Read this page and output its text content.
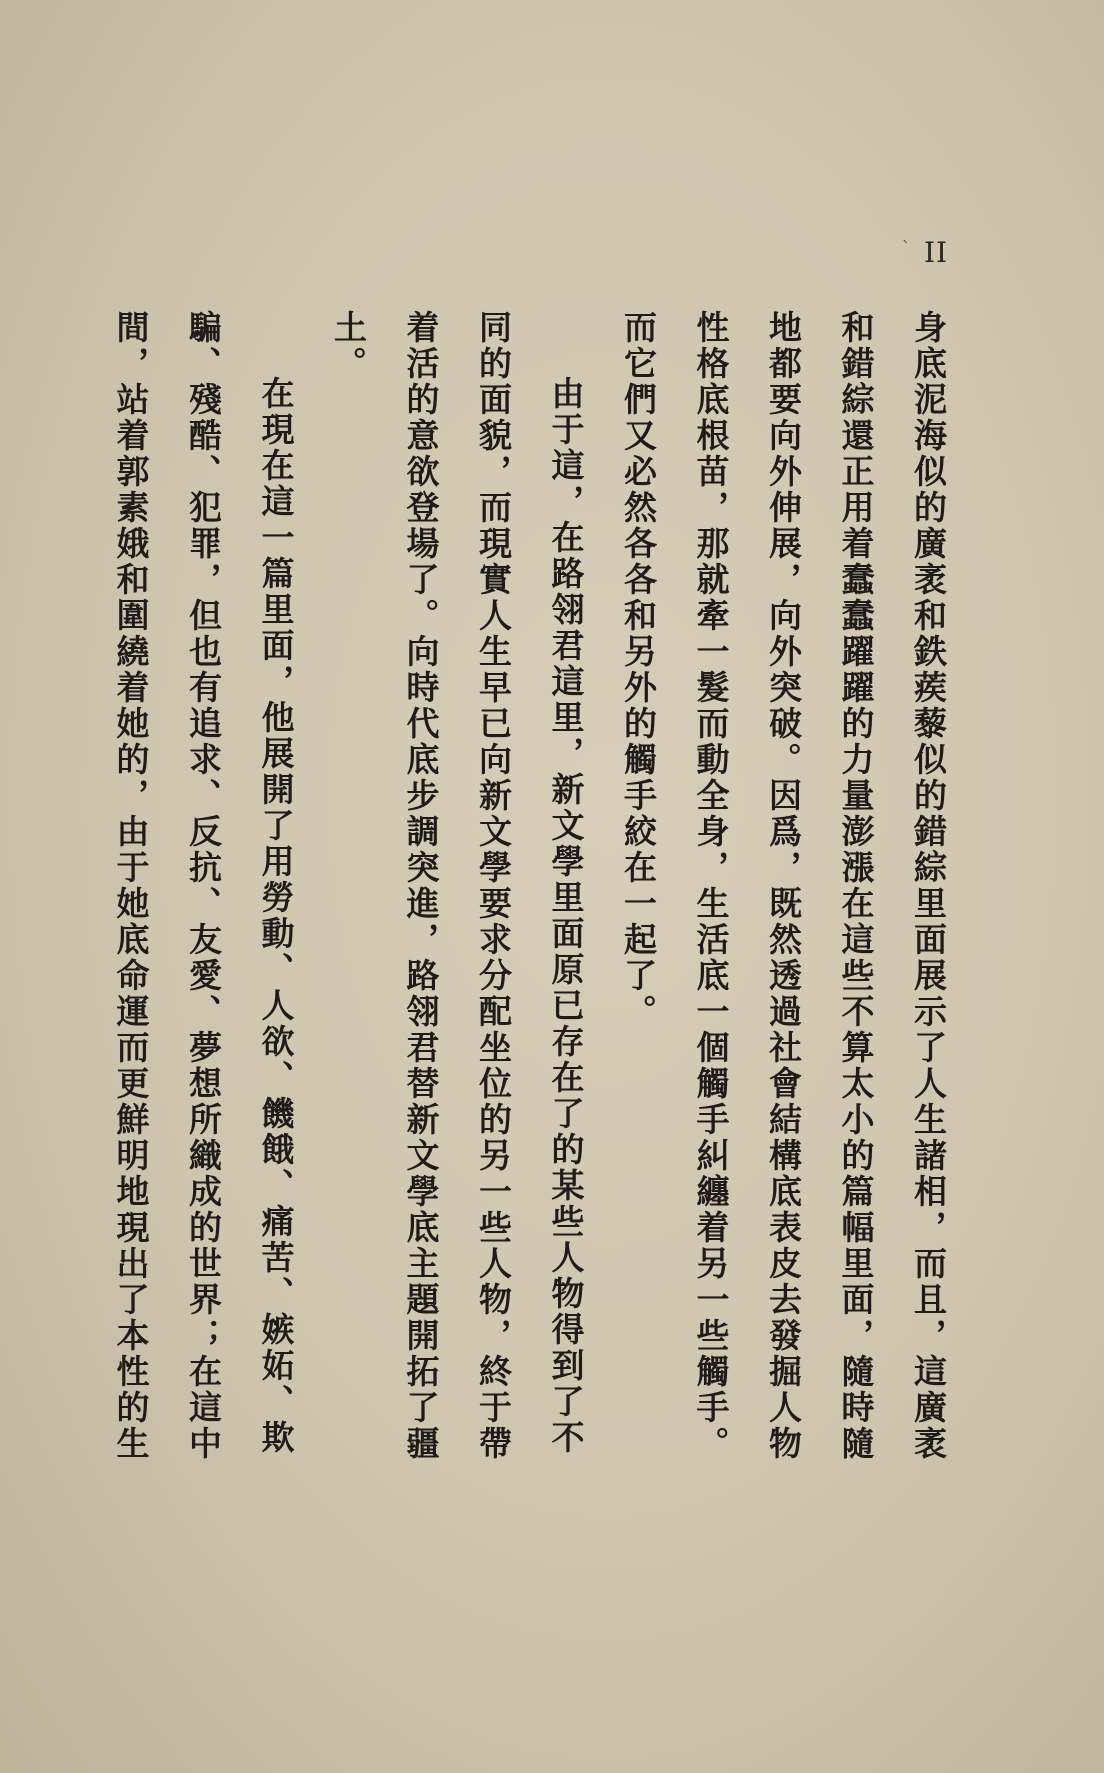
` II

身底泥海似的廣袤和鉄蒺藜似的錯綜里面展示了人生諸相，而且，這廣袤和錯綜還正用着蠢蠢躍躍的力量澎漲在這些不算太小的篇幅里面，隨時隨地都要向外伸展，向外突破。因爲，既然透過社會結構底表皮去發掘人物性格底根苗，那就牽一髮而動全身，生活底一個觸手糾纏着另一些觸手。而它們又必然各各和另外的觸手絞在一起了。

由于這，在路翎君這里，新文學里面原已存在了的某些人物得到了不同的面貌，而現實人生早已向新文學要求分配坐位的另一些人物，終于帶着活的意欲登場了。向時代底步調突進，路翎君替新文學底主題開拓了疆土。

在現在這一篇里面，他展開了用勞動、人欲、饑餓、痛苦、嫉妬、欺騙、殘酷、犯罪，但也有追求、反抗、友愛、夢想所織成的世界；在這中間，站着郭素娥和圍繞着她的，由于她底命運而更鮮明地現出了本性的生
